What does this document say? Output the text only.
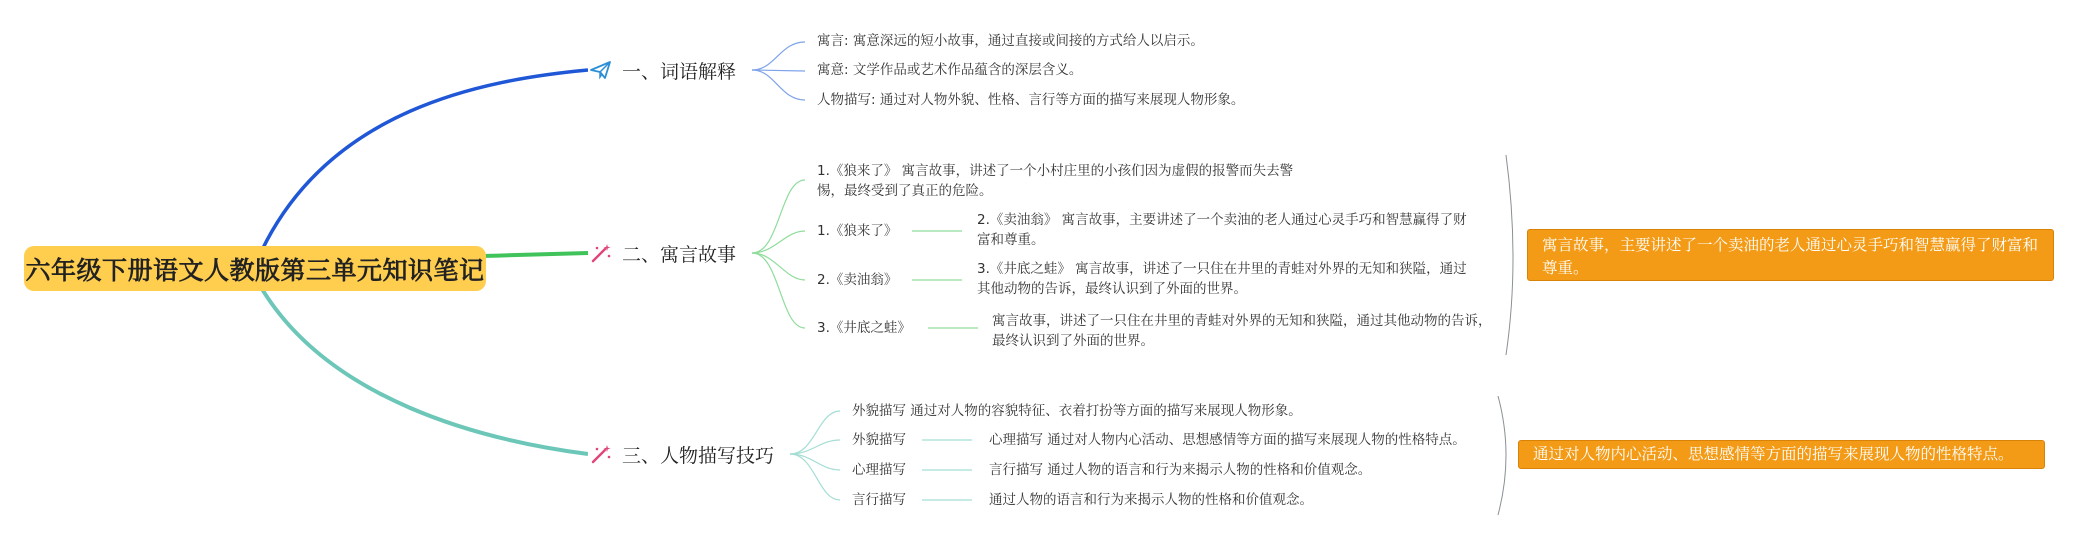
六年级下册语文人教版第三单元知识笔记
一、词语解释
寓言: 寓意深远的短小故事，通过直接或间接的方式给人以启示。
寓意: 文学作品或艺术作品蕴含的深层含义。
人物描写: 通过对人物外貌、性格、言行等方面的描写来展现人物形象。
二、寓言故事
1.《狼来了》 寓言故事，讲述了一个小村庄里的小孩们因为虚假的报警而失去警惕，最终受到了真正的危险。
1.《狼来了》
2.《卖油翁》 寓言故事，主要讲述了一个卖油的老人通过心灵手巧和智慧赢得了财富和尊重。
2.《卖油翁》
3.《井底之蛙》 寓言故事，讲述了一只住在井里的青蛙对外界的无知和狭隘，通过其他动物的告诉，最终认识到了外面的世界。
3.《井底之蛙》	寓言故事，讲述了一只住在井里的青蛙对外界的无知和狭隘，通过其他动物的告诉，最终认识到了外面的世界。
寓言故事，主要讲述了一个卖油的老人通过心灵手巧和智慧赢得了财富和尊重。
三、人物描写技巧
外貌描写 通过对人物的容貌特征、衣着打扮等方面的描写来展现人物形象。
外貌描写	心理描写 通过对人物内心活动、思想感情等方面的描写来展现人物的性格特点。
心理描写	言行描写 通过人物的语言和行为来揭示人物的性格和价值观念。
言行描写	通过人物的语言和行为来揭示人物的性格和价值观念。
通过对人物内心活动、思想感情等方面的描写来展现人物的性格特点。
